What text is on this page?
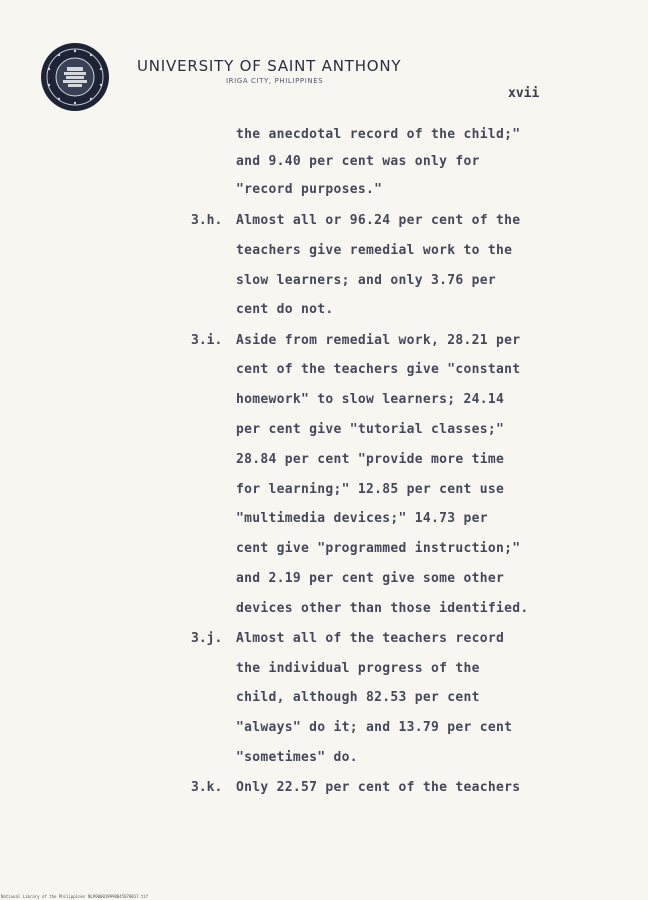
UNIVERSITY OF SAINT ANTHONY
IRIGA CITY, PHILIPPINES
xvii
the anecdotal record of the child;"
and 9.40 per cent was only for
"record purposes."
3.h. Almost all or 96.24 per cent of the
teachers give remedial work to the
slow learners; and only 3.76 per
cent do not.
3.i. Aside from remedial work, 28.21 per
cent of the teachers give "constant
homework" to slow learners; 24.14
per cent give "tutorial classes;"
28.84 per cent "provide more time
for learning;" 12.85 per cent use
"multimedia devices;" 14.73 per
cent give "programmed instruction;"
and 2.19 per cent give some other
devices other than those identified.
3.j. Almost all of the teachers record
the individual progress of the
child, although 82.53 per cent
"always" do it; and 13.79 per cent
"sometimes" do.
3.k. Only 22.57 per cent of the teachers
National Library of the Philippines NLP000019990045070017.tif
